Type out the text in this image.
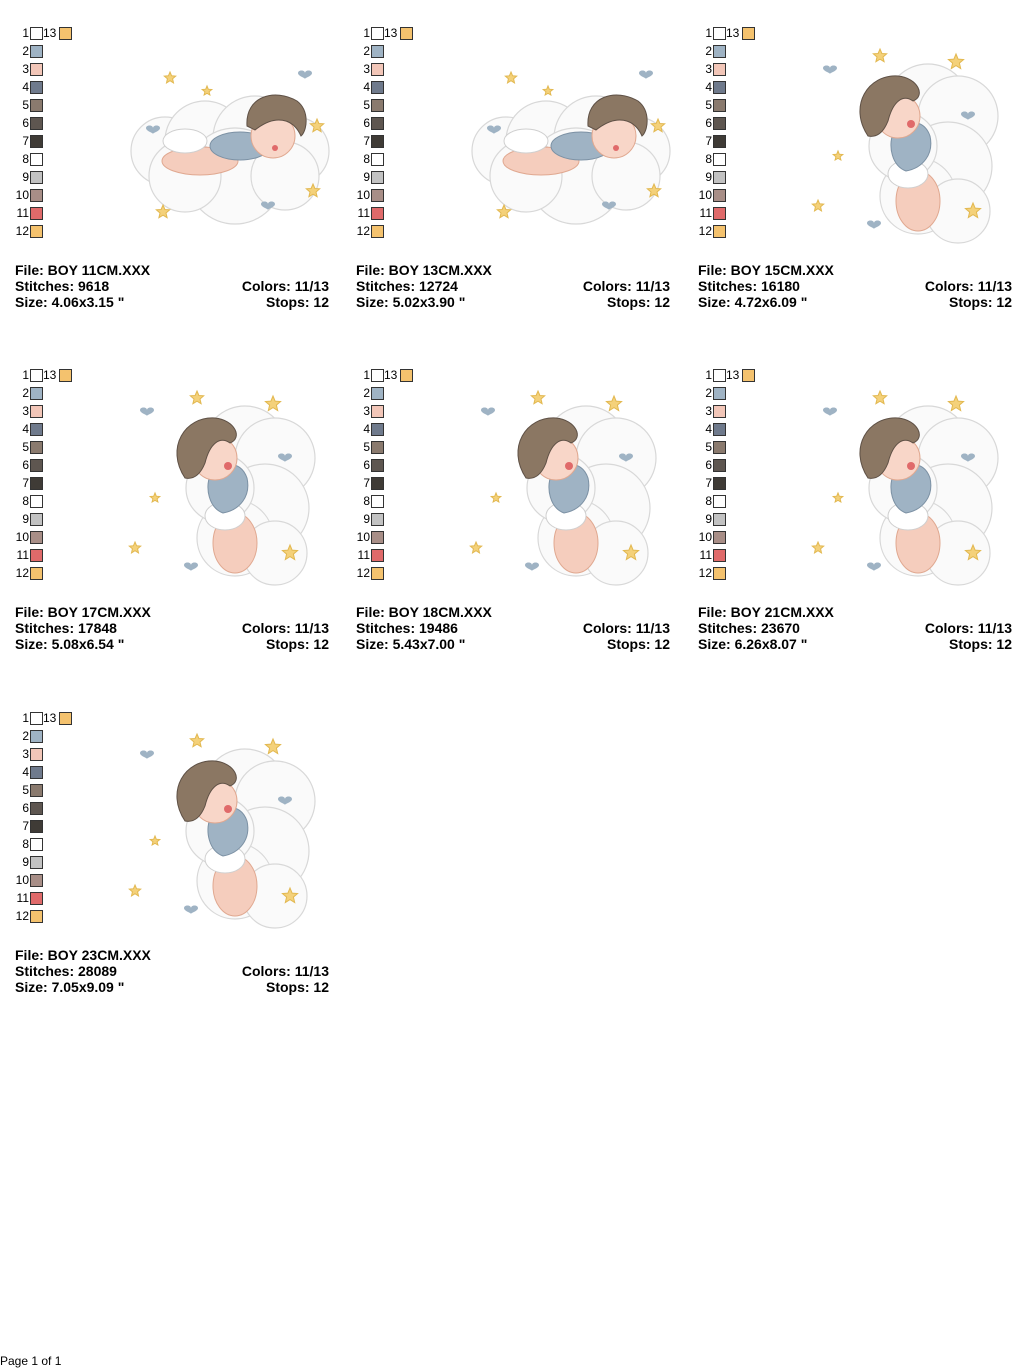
1 13
2
3
4
5
6
7
8
9
10
11
12
File: BOY 11CM.XXX
Stitches: 9618
Size: 4.06x3.15 "
Colors: 11/13
Stops: 12
1 13
2
3
4
5
6
7
8
9
10
11
12
File: BOY 13CM.XXX
Stitches: 12724
Size: 5.02x3.90 "
Colors: 11/13
Stops: 12
1 13
2
3
4
5
6
7
8
9
10
11
12
File: BOY 15CM.XXX
Stitches: 16180
Size: 4.72x6.09 "
Colors: 11/13
Stops: 12
1 13
2
3
4
5
6
7
8
9
10
11
12
File: BOY 17CM.XXX
Stitches: 17848
Size: 5.08x6.54 "
Colors: 11/13
Stops: 12
1 13
2
3
4
5
6
7
8
9
10
11
12
File: BOY 18CM.XXX
Stitches: 19486
Size: 5.43x7.00 "
Colors: 11/13
Stops: 12
1 13
2
3
4
5
6
7
8
9
10
11
12
File: BOY 21CM.XXX
Stitches: 23670
Size: 6.26x8.07 "
Colors: 11/13
Stops: 12
1 13
2
3
4
5
6
7
8
9
10
11
12
File: BOY 23CM.XXX
Stitches: 28089
Size: 7.05x9.09 "
Colors: 11/13
Stops: 12
Page 1 of 1
